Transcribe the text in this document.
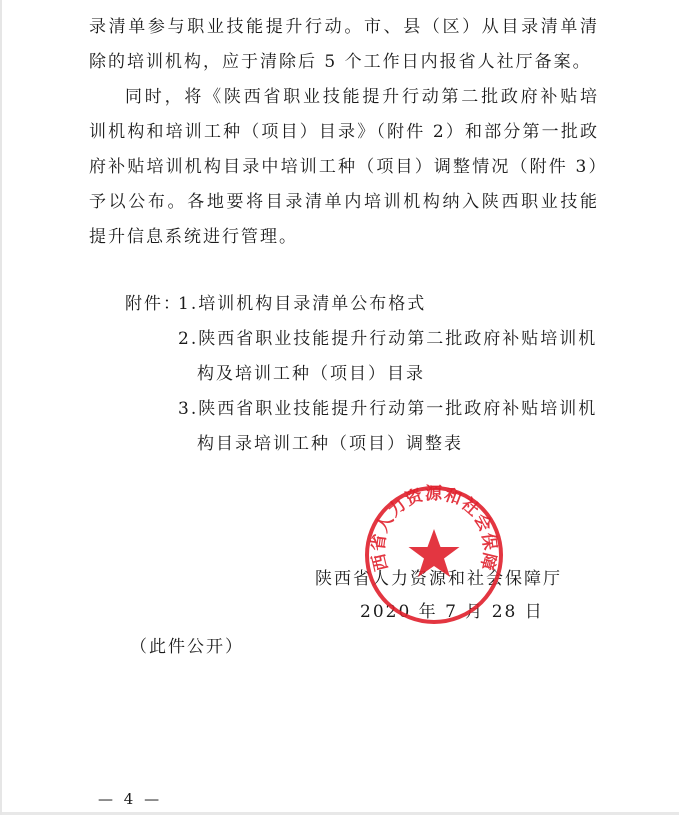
录清单参与职业技能提升行动。市、县（区）从目录清单清除的培训机构，应于清除后 5 个工作日内报省人社厅备案。

同时，将《陕西省职业技能提升行动第二批政府补贴培训机构和培训工种（项目）目录》（附件 2）和部分第一批政府补贴培训机构目录中培训工种（项目）调整情况（附件 3）予以公布。各地要将目录清单内培训机构纳入陕西职业技能提升信息系统进行管理。

附件：
1.培训机构目录清单公布格式
2.陕西省职业技能提升行动第二批政府补贴培训机
构及培训工种（项目）目录
3.陕西省职业技能提升行动第一批政府补贴培训机
构目录培训工种（项目）调整表
陕西省人力资源和社会保障厅
2020 年 7 月 28 日
西省人力资源和社会保障
（此件公开）
— 4 —
